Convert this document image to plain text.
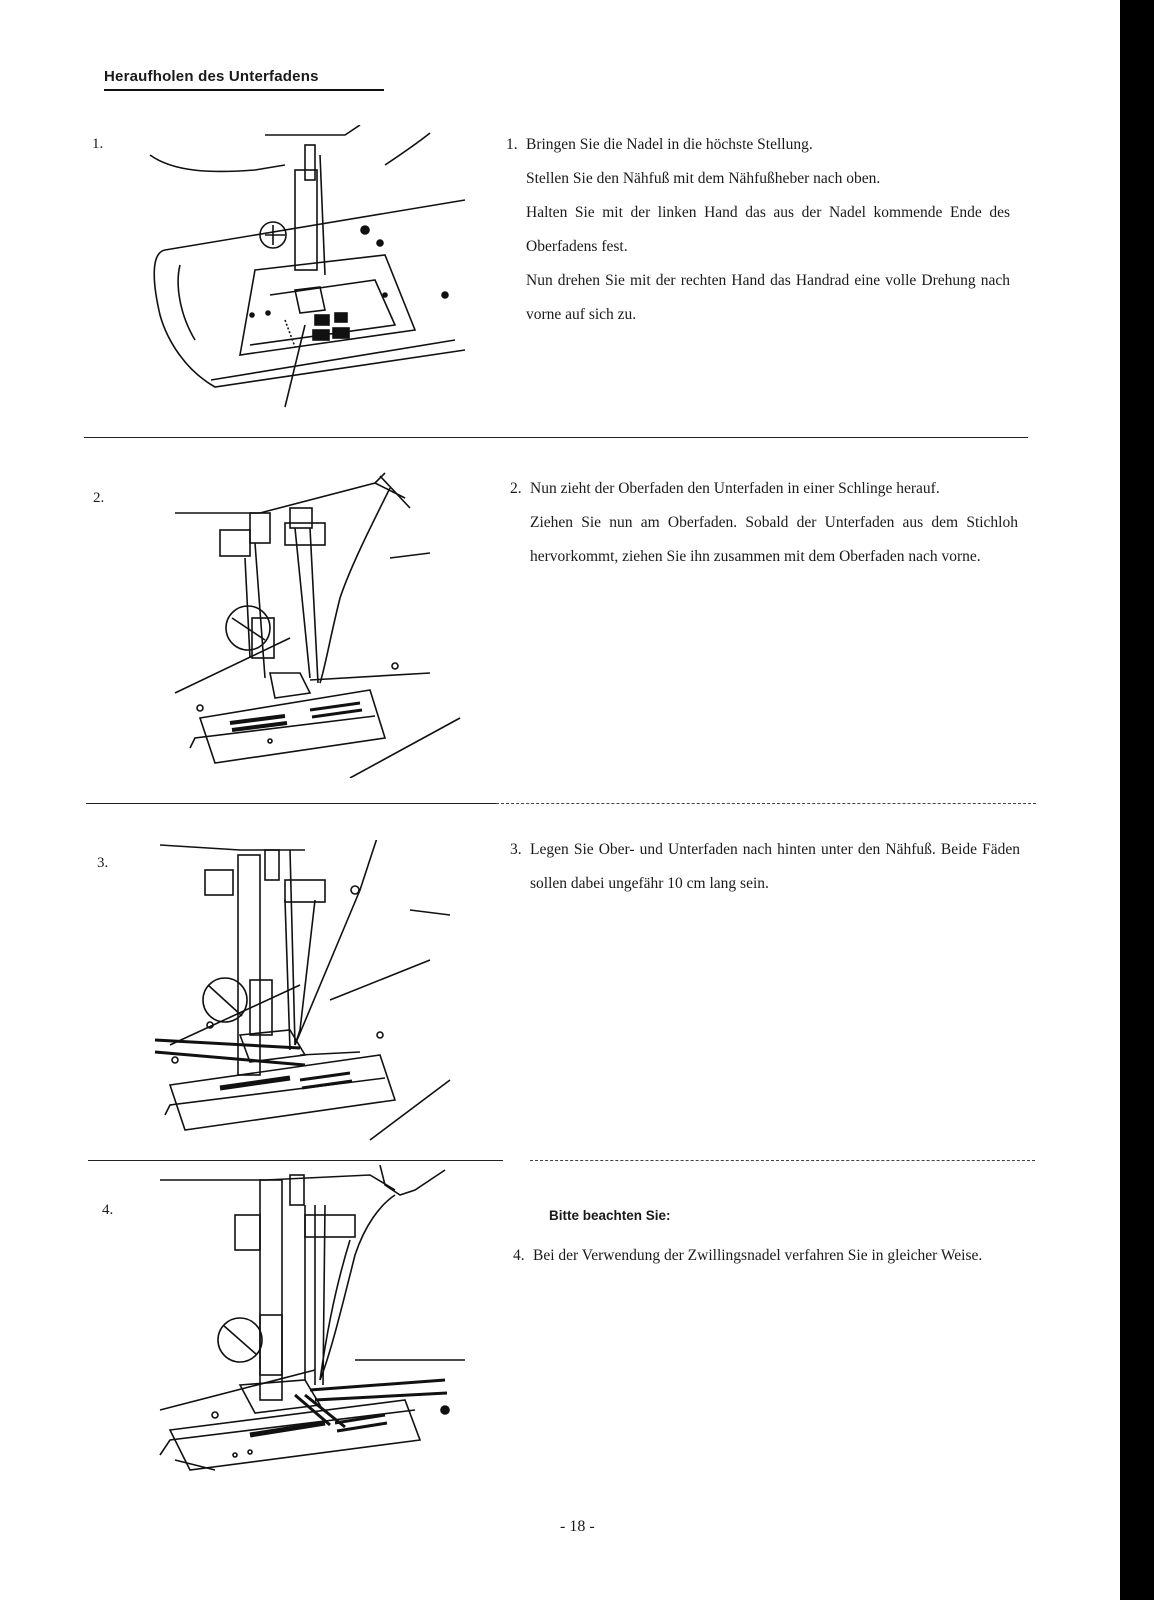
Heraufholen des Unterfadens
1.	1. Bringen Sie die Nadel in die höchste Stellung.

Stellen Sie den Nähfuß mit dem Nähfußheber nach oben.

Halten Sie mit der linken Hand das aus der Nadel kommende Ende des Oberfadens fest.

Nun drehen Sie mit der rechten Hand das Handrad eine volle Drehung nach vorne auf sich zu.

2.
2. Nun zieht der Oberfaden den Unterfaden in einer Schlinge herauf.

Ziehen Sie nun am Oberfaden. Sobald der Unterfaden aus dem Stichloh hervorkommt, ziehen Sie ihn zusammen mit dem Oberfaden nach vorne.

3.
3. Legen Sie Ober- und Unterfaden nach hinten unter den Nähfuß. Beide Fäden sollen dabei ungefähr 10 cm lang sein.
4.	Bitte beachten Sie:
4. Bei der Verwendung der Zwillingsnadel verfahren Sie in gleicher Weise.
- 18 -
